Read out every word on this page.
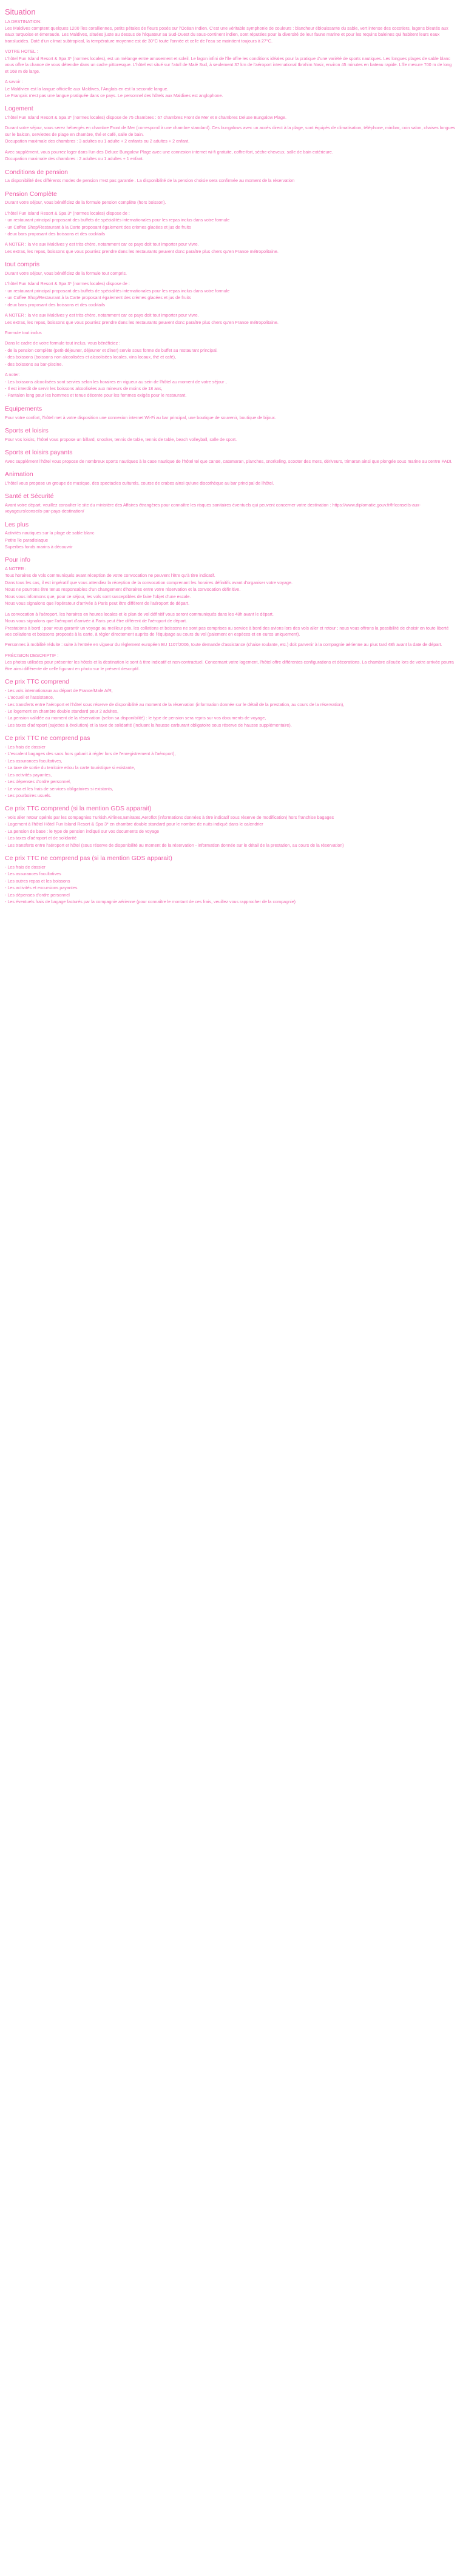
Situation

LA DESTINATION:

Les Maldives comptent quelques 1200 îles coralliennes, petits pétales de fleurs posés sur l'Océan Indien. C'est une véritable symphonie de couleurs : blancheur éblouissante du sable, vert intense des cocotiers, lagons bleutés aux eaux turquoise et émeraude. Les Maldives, situées juste au dessus de l'équateur au Sud-Ouest du sous-continent indien, sont réputées pour la diversité de leur faune marine et pour les requins baleines qui habitent leurs eaux translucides. Doté d'un climat subtropical, la température moyenne est de 30°C toute l'année et celle de l'eau se maintient toujours à 27°C.

VOTRE HOTEL :

L'hôtel Fun Island Resort & Spa 3* (normes locales), est un mélange entre amusement et soleil. Le lagon infini de l'île offre les conditions idéales pour la pratique d'une variété de sports nautiques. Les longues plages de sable blanc vous offre la chance de vous détendre dans un cadre pittoresque. L'hôtel est situé sur l'atoll de Malé Sud, à seulement 37 km de l'aéroport international Ibrahim Nasir, environ 45 minutes en bateau rapide. L'île mesure 700 m de long et 168 m de large.

A savoir :

Le Maldivien est la langue officielle aux Maldives, l'Anglais en est la seconde langue.

Le Français n'est pas une langue pratiquée dans ce pays. Le personnel des hôtels aux Maldives est anglophone.

Logement

L'hôtel Fun Island Resort & Spa 3* (normes locales) dispose de 75 chambres : 67 chambres Front de Mer et 8 chambres Deluxe Bungalow Plage.

Durant votre séjour, vous serez hébergés en chambre Front de Mer (correspond à une chambre standard). Ces bungalows avec un accès direct à la plage, sont équipés de climatisation, téléphone, minibar, coin salon, chaises longues sur le balcon, serviettes de plage en chambre, thé et café, salle de bain.

Occupation maximale des chambres : 3 adultes ou 1 adulte + 2 enfants ou 2 adultes + 2 enfant.

Avec supplément, vous pourrez loger dans l'un des Deluxe Bungalow Plage avec une connexion internet wi-fi gratuite, coffre-fort, sèche-cheveux, salle de bain extérieure.

Occupation maximale des chambres : 2 adultes ou 1 adultes + 1 enfant.

Conditions de pension

La disponibilité des différents modes de pension n'est pas garantie . La disponibilité de la pension choisie sera confirmée au moment de la réservation

Pension Complète

Durant votre séjour, vous bénéficiez de la formule pension complète (hors boisson).

L'hôtel Fun Island Resort & Spa 3* (normes locales) dispose de :

- un restaurant principal proposant des buffets de spécialités internationales pour les repas inclus dans votre formule

- un Coffee Shop/Restaurant à la Carte proposant également des crèmes glacées et jus de fruits

- deux bars proposant des boissons et des cocktails

A NOTER : la vie aux Maldives y est très chère, notamment car ce pays doit tout importer pour vivre.

Les extras, les repas, boissons que vous pourriez prendre dans les restaurants peuvent donc paraître plus chers qu'en France métropolitaine.

tout compris

Durant votre séjour, vous bénéficiez de la formule tout compris.

L'hôtel Fun Island Resort & Spa 3* (normes locales) dispose de :

- un restaurant principal proposant des buffets de spécialités internationales pour les repas inclus dans votre formule

- un Coffee Shop/Restaurant à la Carte proposant également des crèmes glacées et jus de fruits

- deux bars proposant des boissons et des cocktails

A NOTER : la vie aux Maldives y est très chère, notamment car ce pays doit tout importer pour vivre.

Les extras, les repas, boissons que vous pourriez prendre dans les restaurants peuvent donc paraître plus chers qu'en France métropolitaine.

Formule tout inclus

Dans le cadre de votre formule tout inclus, vous bénéficiez :

- de la pension complète (petit-déjeuner, déjeuner et dîner) servie sous forme de buffet au restaurant principal.

- des boissons (boissons non alcoolisées et alcoolisées locales, vins locaux, thé et café),

- des boissons au bar-piscine.

A noter:

- Les boissons alcoolisées sont servies selon les horaires en vigueur au sein de l'hôtel au moment de votre séjour ,

- Il est interdit de servir les boissons alcoolisées aux mineurs de moins de 18 ans,

- Pantalon long pour les hommes et tenue décente pour les femmes exigés pour le restaurant.

Equipements

Pour votre confort, l'hôtel met à votre disposition une connexion internet Wi-Fi au bar principal, une boutique de souvenir, boutique de bijoux.

Sports et loisirs

Pour vos loisirs, l'hôtel vous propose un billard, snooker, tennis de table, tennis de table, beach volleyball, salle de sport.

Sports et loisirs payants

Avec supplément l'hôtel vous propose de nombreux sports nautiques à la case nautique de l'hôtel tel que canoë, catamaran, planches, snorkeling, scooter des mers, dériveurs, trimaran ainsi que plongée sous marine au centre PADI.

Animation

L'hôtel vous propose un groupe de musique, des spectacles culturels, course de crabes ainsi qu'une discothèque au bar principal de l'hôtel.

Santé et Sécurité

Avant votre départ, veuillez consulter le site du ministère des Affaires étrangères pour connaître les risques sanitaires éventuels qui peuvent concerner votre destination : https://www.diplomatie.gouv.fr/fr/conseils-aux-voyageurs/conseils-par-pays-destination/

Les plus

Activités nautiques sur la plage de sable blanc

Petite île paradisiaque

Superbes fonds marins à découvrir

Pour info

A NOTER :

Tous horaires de vols communiqués avant réception de votre convocation ne peuvent l'être qu'à titre indicatif.

Dans tous les cas, il est impératif que vous attendiez la réception de la convocation comprenant les horaires définitifs avant d'organiser votre voyage.

Nous ne pourrons être tenus responsables d'un changement d'horaires entre votre réservation et la convocation définitive.

Nous vous informons que, pour ce séjour, les vols sont susceptibles de faire l'objet d'une escale.

Nous vous signalons que l'opérateur d'arrivée à Paris peut être différent de l'aéroport de départ.

La convocation à l'aéroport, les horaires en heures locales et le plan de vol définitif vous seront communiqués dans les 48h avant le départ.

Nous vous signalons que l'aéroport d'arrivée à Paris peut être différent de l'aéroport de départ.

Prestations à bord : pour vous garantir un voyage au meilleur prix, les collations et boissons ne sont pas comprises au service à bord des avions lors des vols aller et retour ; nous vous offrons la possibilité de choisir en toute liberté vos collations et boissons proposés à la carte, à régler directement auprès de l'équipage au cours du vol (paiement en espèces et en euros uniquement).

Personnes à mobilité réduite : suite à l'entrée en vigueur du règlement européen EU 1107/2006, toute demande d'assistance (chaise roulante, etc.) doit parvenir à la compagnie aérienne au plus tard 48h avant la date de départ.

PRÉCISION DESCRIPTIF :

Les photos utilisées pour présenter les hôtels et la destination le sont à titre indicatif et non-contractuel. Concernant votre logement, l'hôtel offre différentes configurations et décorations. La chambre allouée lors de votre arrivée pourra être ainsi différente de celle figurant en photo sur le présent descriptif.

Ce prix TTC comprend

- Les vols internationaux au départ de France/Male A/R,

- L'accueil et l'assistance,

- Les transferts entre l'aéroport et l'hôtel sous réserve de disponibilité au moment de la réservation (information donnée sur le détail de la prestation, au cours de la réservation),

- Le logement en chambre double standard pour 2 adultes,

- La pension validée au moment de la réservation (selon sa disponibilité) : le type de pension sera repris sur vos documents de voyage,

- Les taxes d'aéroport (sujettes à évolution) et la taxe de solidarité (incluant la hausse carburant obligatoire sous réserve de hausse supplémentaire).

Ce prix TTC ne comprend pas

- Les frais de dossier

- L'escalent bagages des sacs hors gabarit à régler lors de l'enregistrement à l'aéroport),

- Les assurances facultatives,

- La taxe de sortie du territoire et/ou la carte touristique si existante,

- Les activités payantes,

- Les dépenses d'ordre personnel,

- Le visa et les frais de services obligatoires si existants,

- Les pourboires usuels.

Ce prix TTC comprend (si la mention GDS apparait)

- Vols aller retour opérés par les compagnies Turkish Airlines,Emirates,Aeroflot (informations données à titre indicatif sous réserve de modification) hors franchise bagages

- Logement à l'hôtel Hôtel Fun Island Resort & Spa 3* en chambre double standard pour le nombre de nuits indiqué dans le calendrier

- La pension de base : le type de pension indiqué sur vos documents de voyage

- Les taxes d'aéroport et de solidarité

- Les transferts entre l'aéroport et hôtel (sous réserve de disponibilité au moment de la réservation - information donnée sur le détail de la prestation, au cours de la réservation)

Ce prix TTC ne comprend pas (si la mention GDS apparait)

- Les frais de dossier

- Les assurances facultatives

- Les autres repas et les boissons

- Les activités et excursions payantes

- Les dépenses d'ordre personnel

- Les éventuels frais de bagage facturés par la compagnie aérienne (pour connaître le montant de ces frais, veuillez vous rapprocher de la compagnie)
